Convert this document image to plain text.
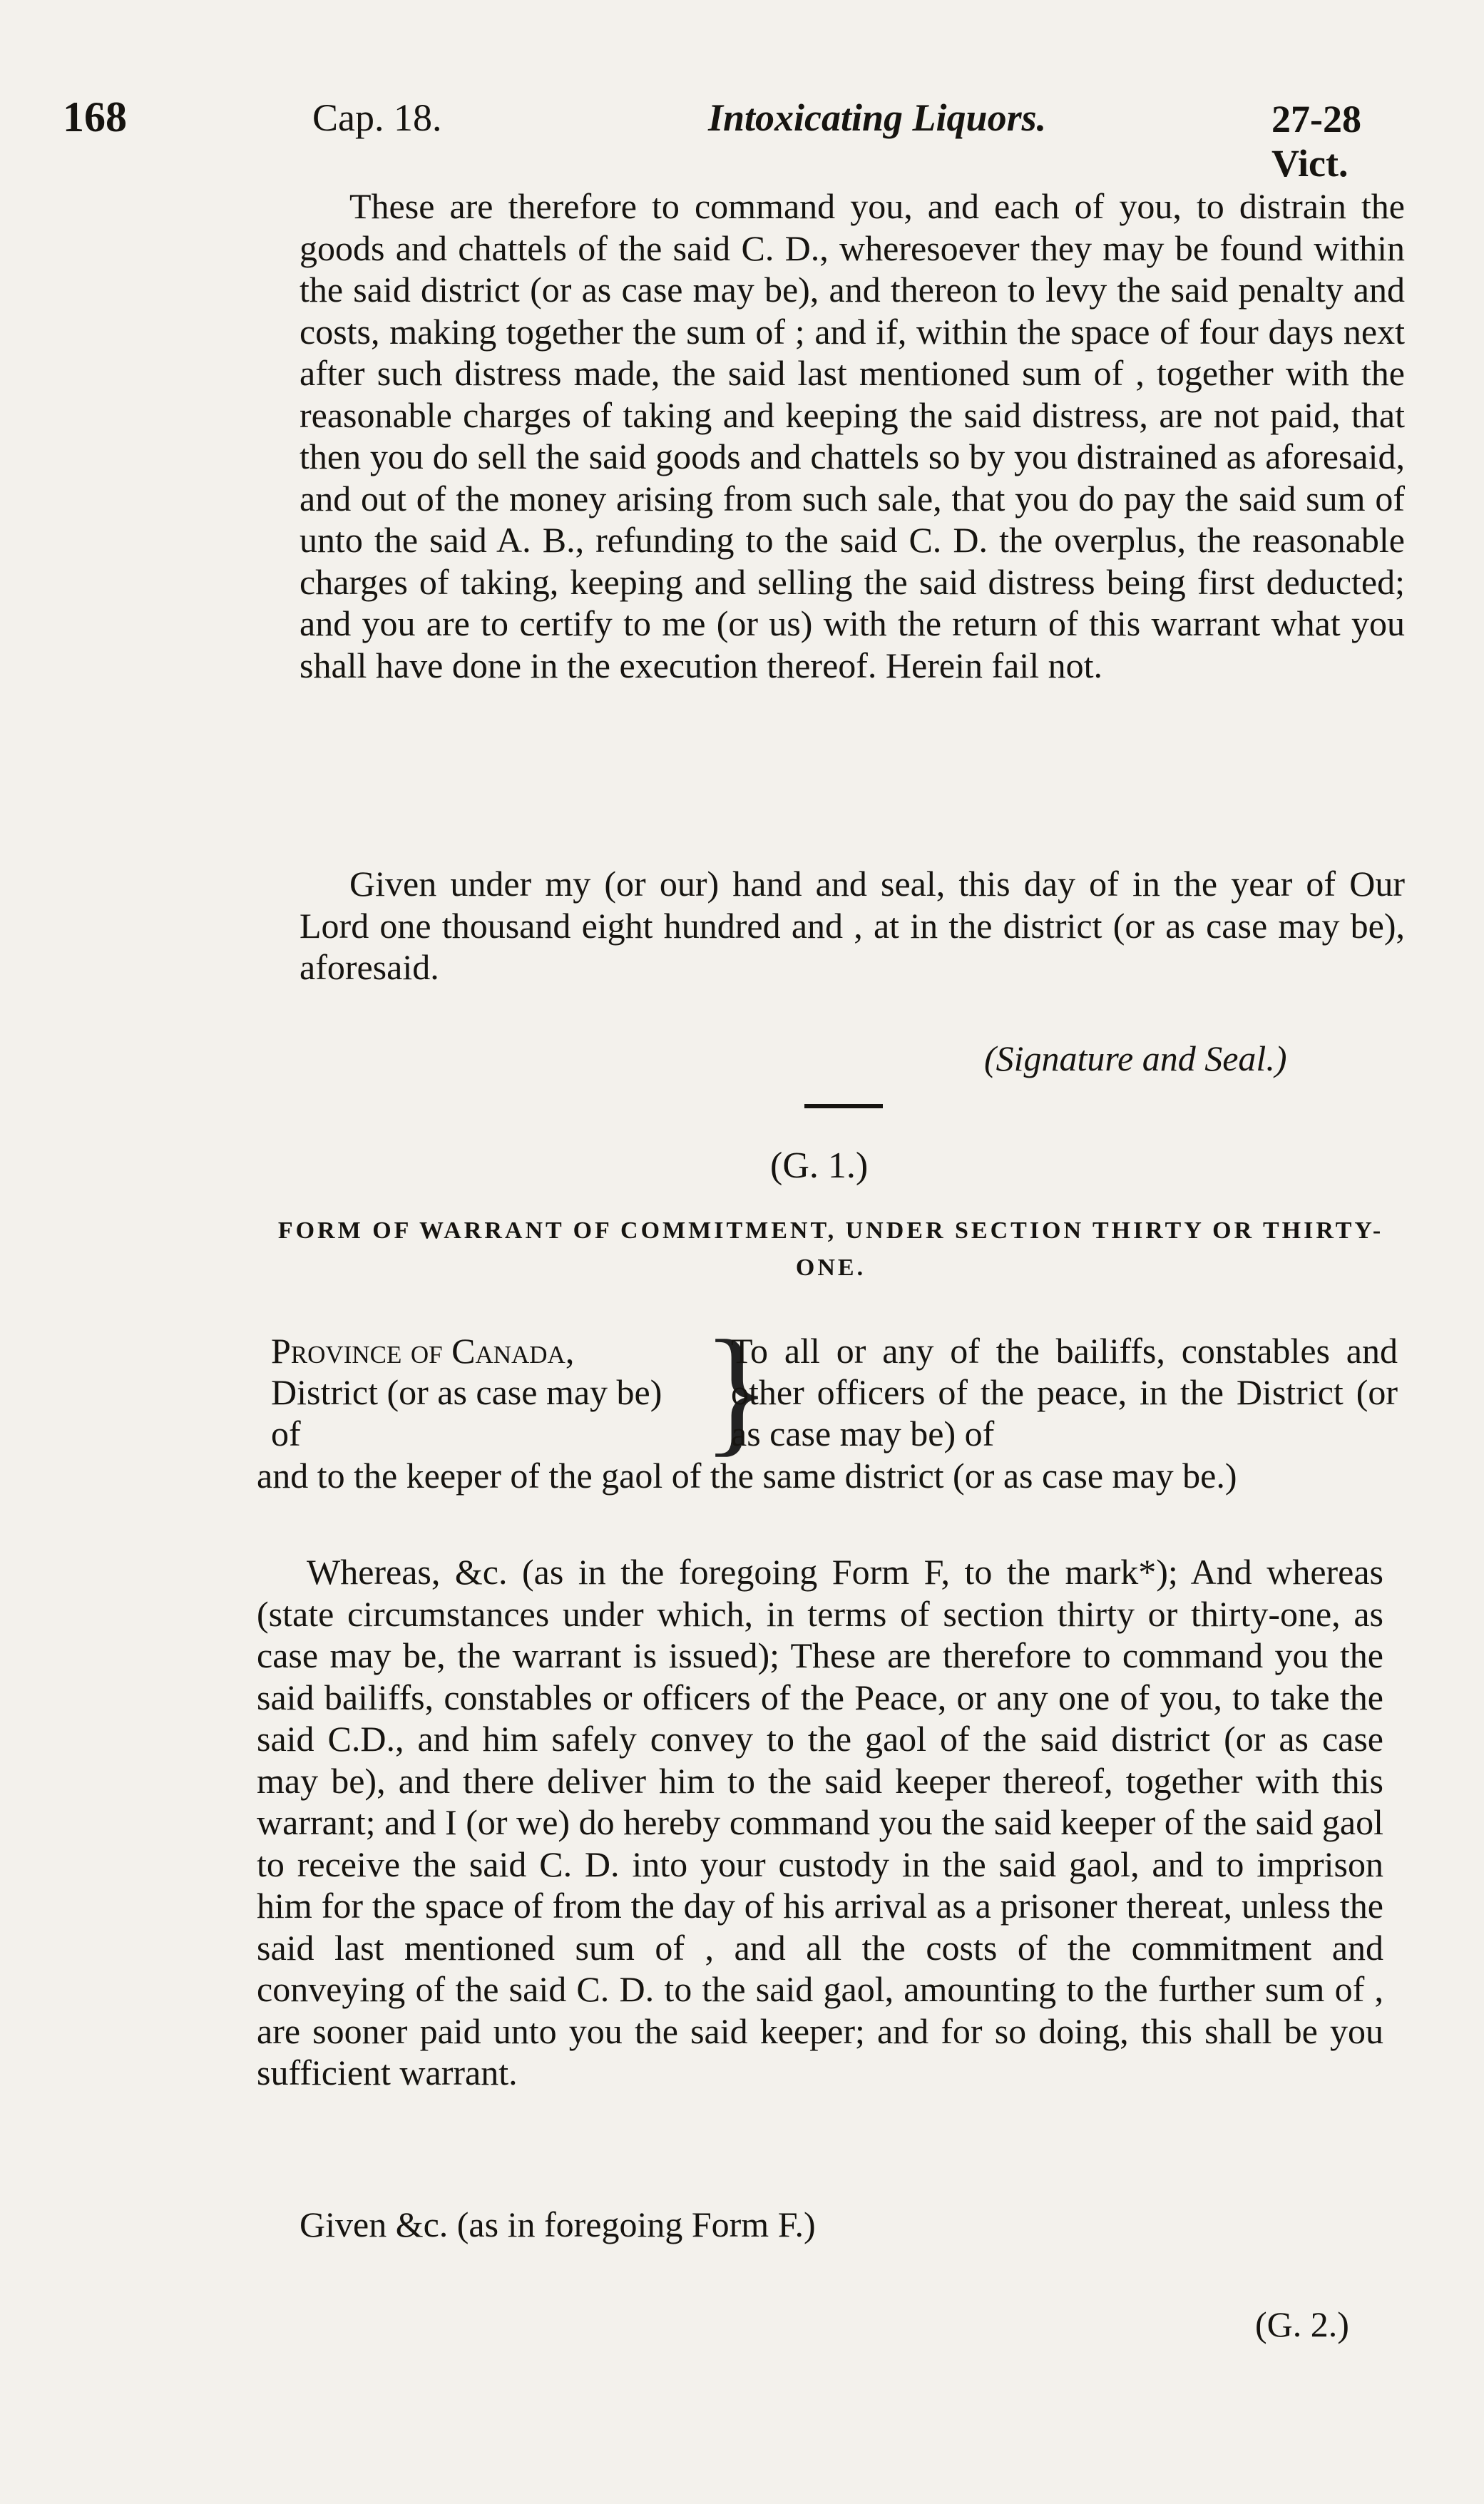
168	Cap. 18.	Intoxicating Liquors.	27-28 Vict.

These are therefore to command you, and each of you, to distrain the goods and chattels of the said C. D., wheresoever they may be found within the said district (or as case may be), and thereon to levy the said penalty and costs, making together the sum of ; and if, within the space of four days next after such distress made, the said last mentioned sum of , together with the reasonable charges of taking and keeping the said distress, are not paid, that then you do sell the said goods and chattels so by you distrained as aforesaid, and out of the money arising from such sale, that you do pay the said sum of unto the said A. B., refunding to the said C. D. the overplus, the reasonable charges of taking, keeping and selling the said distress being first deducted; and you are to certify to me (or us) with the return of this warrant what you shall have done in the execution thereof. Herein fail not.

Given under my (or our) hand and seal, this day of in the year of Our Lord one thousand eight hundred and , at in the district (or as case may be), aforesaid.

(Signature and Seal.)
(G. 1.)
FORM OF WARRANT OF COMMITMENT, UNDER SECTION THIRTY OR THIRTY-ONE.
Province of Canada,
District (or as case may be) of	}
To all or any of the bailiffs, constables and other officers of the peace, in the District (or as case may be) of
and to the keeper of the gaol of the same district (or as case may be.)

Whereas, &c. (as in the foregoing Form F, to the mark*); And whereas (state circumstances under which, in terms of section thirty or thirty-one, as case may be, the warrant is issued); These are therefore to command you the said bailiffs, constables or officers of the Peace, or any one of you, to take the said C.D., and him safely convey to the gaol of the said district (or as case may be), and there deliver him to the said keeper thereof, together with this warrant; and I (or we) do hereby command you the said keeper of the said gaol to receive the said C. D. into your custody in the said gaol, and to imprison him for the space of from the day of his arrival as a prisoner thereat, unless the said last mentioned sum of , and all the costs of the commitment and conveying of the said C. D. to the said gaol, amounting to the further sum of , are sooner paid unto you the said keeper; and for so doing, this shall be you sufficient warrant.

Given &c. (as in foregoing Form F.)
(G. 2.)
